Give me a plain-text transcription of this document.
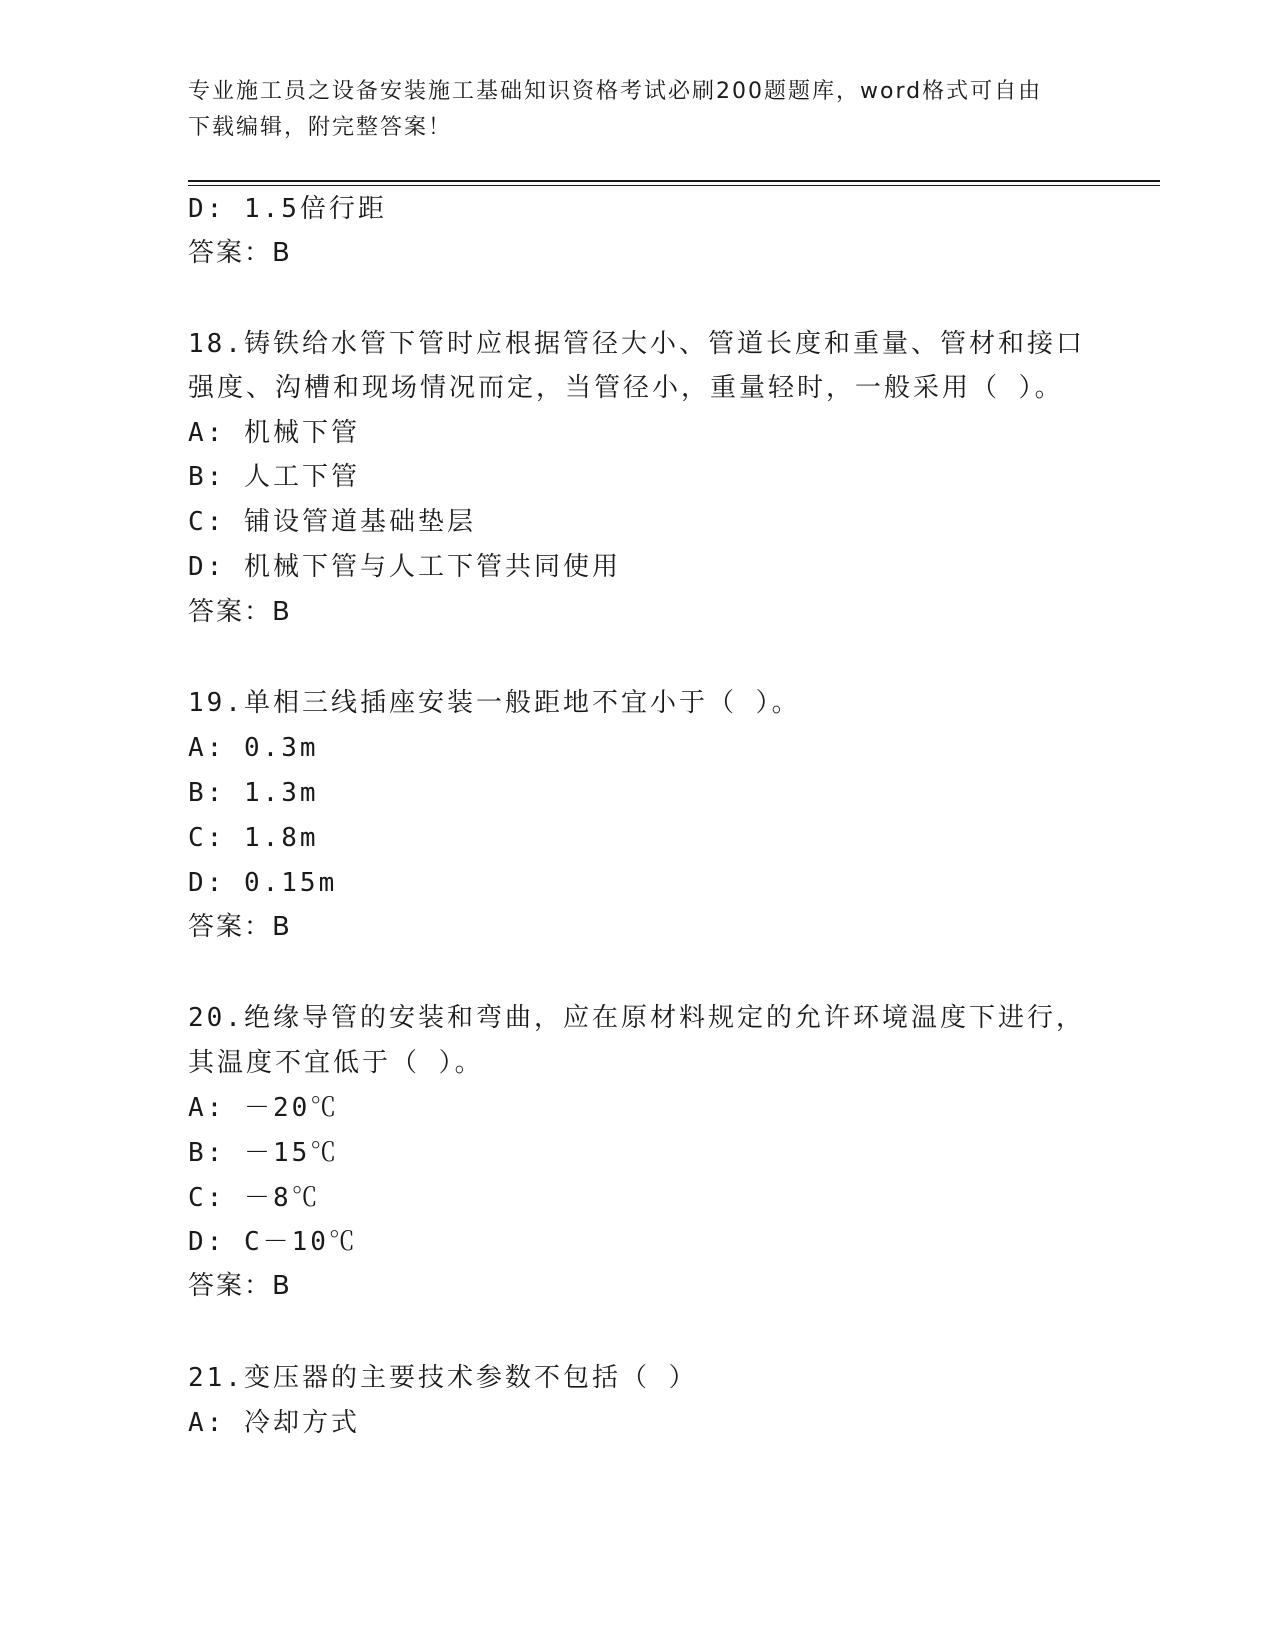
专业施工员之设备安装施工基础知识资格考试必刷200题题库，word格式可自由
下载编辑，附完整答案！
D: 1.5倍行距
答案：B
18.铸铁给水管下管时应根据管径大小、管道长度和重量、管材和接口
强度、沟槽和现场情况而定，当管径小，重量轻时，一般采用（ ）。
A: 机械下管
B: 人工下管
C: 铺设管道基础垫层
D: 机械下管与人工下管共同使用
答案：B
19.单相三线插座安装一般距地不宜小于（ ）。
A: 0.3m
B: 1.3m
C: 1.8m
D: 0.15m
答案：B
20.绝缘导管的安装和弯曲，应在原材料规定的允许环境温度下进行，
其温度不宜低于（ ）。
A: －20℃
B: －15℃
C: －8℃
D: C－10℃
答案：B
21.变压器的主要技术参数不包括（ ）
A: 冷却方式
